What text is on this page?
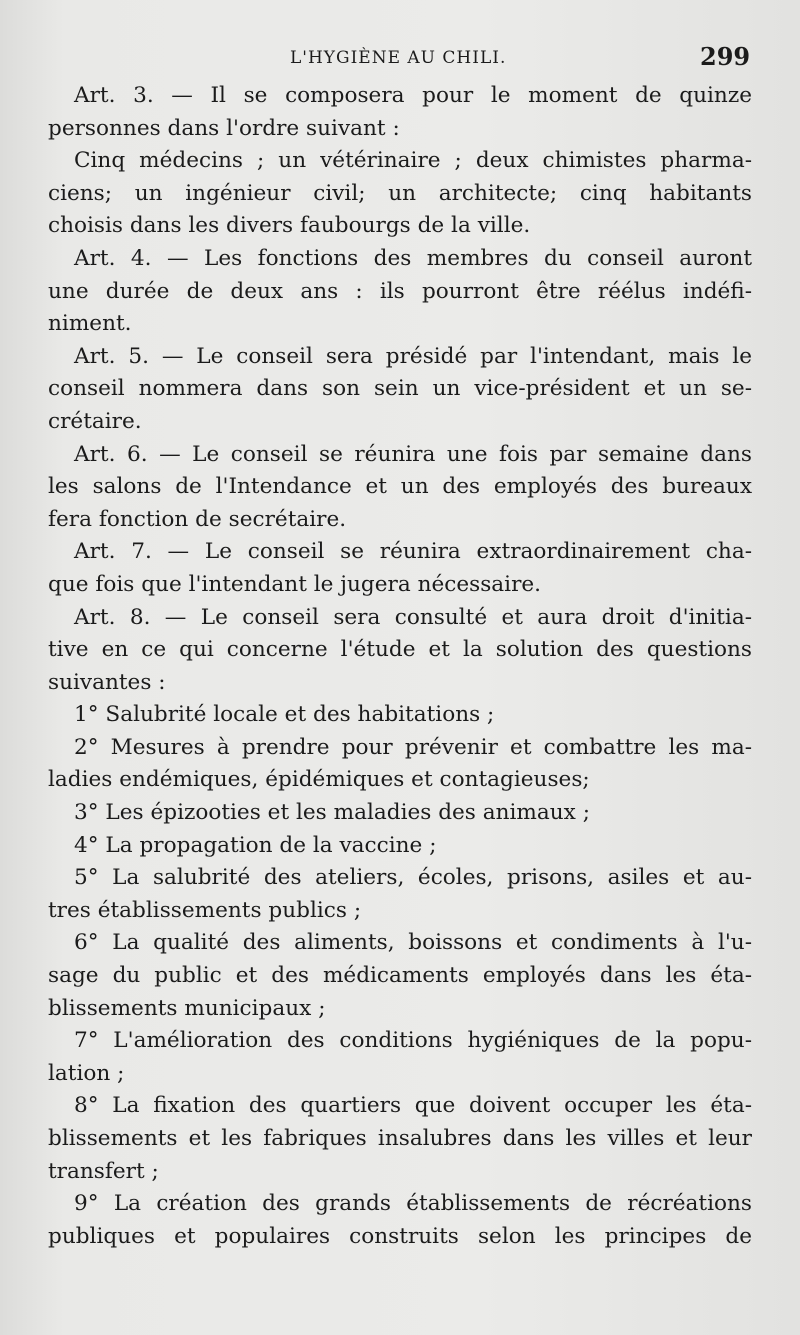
L'HYGIÈNE AU CHILI.	299
Art. 3. — Il se composera pour le moment de quinze
personnes dans l'ordre suivant :
Cinq médecins ; un vétérinaire ; deux chimistes pharma-
ciens; un ingénieur civil; un architecte; cinq habitants
choisis dans les divers faubourgs de la ville.
Art. 4. — Les fonctions des membres du conseil auront
une durée de deux ans : ils pourront être réélus indéfi-
niment.
Art. 5. — Le conseil sera présidé par l'intendant, mais le
conseil nommera dans son sein un vice-président et un se-
crétaire.
Art. 6. — Le conseil se réunira une fois par semaine dans
les salons de l'Intendance et un des employés des bureaux
fera fonction de secrétaire.
Art. 7. — Le conseil se réunira extraordinairement cha-
que fois que l'intendant le jugera nécessaire.
Art. 8. — Le conseil sera consulté et aura droit d'initia-
tive en ce qui concerne l'étude et la solution des questions
suivantes :
1° Salubrité locale et des habitations ;
2° Mesures à prendre pour prévenir et combattre les ma-
ladies endémiques, épidémiques et contagieuses;
3° Les épizooties et les maladies des animaux ;
4° La propagation de la vaccine ;
5° La salubrité des ateliers, écoles, prisons, asiles et au-
tres établissements publics ;
6° La qualité des aliments, boissons et condiments à l'u-
sage du public et des médicaments employés dans les éta-
blissements municipaux ;
7° L'amélioration des conditions hygiéniques de la popu-
lation ;
8° La fixation des quartiers que doivent occuper les éta-
blissements et les fabriques insalubres dans les villes et leur
transfert ;
9° La création des grands établissements de récréations
publiques et populaires construits selon les principes de
